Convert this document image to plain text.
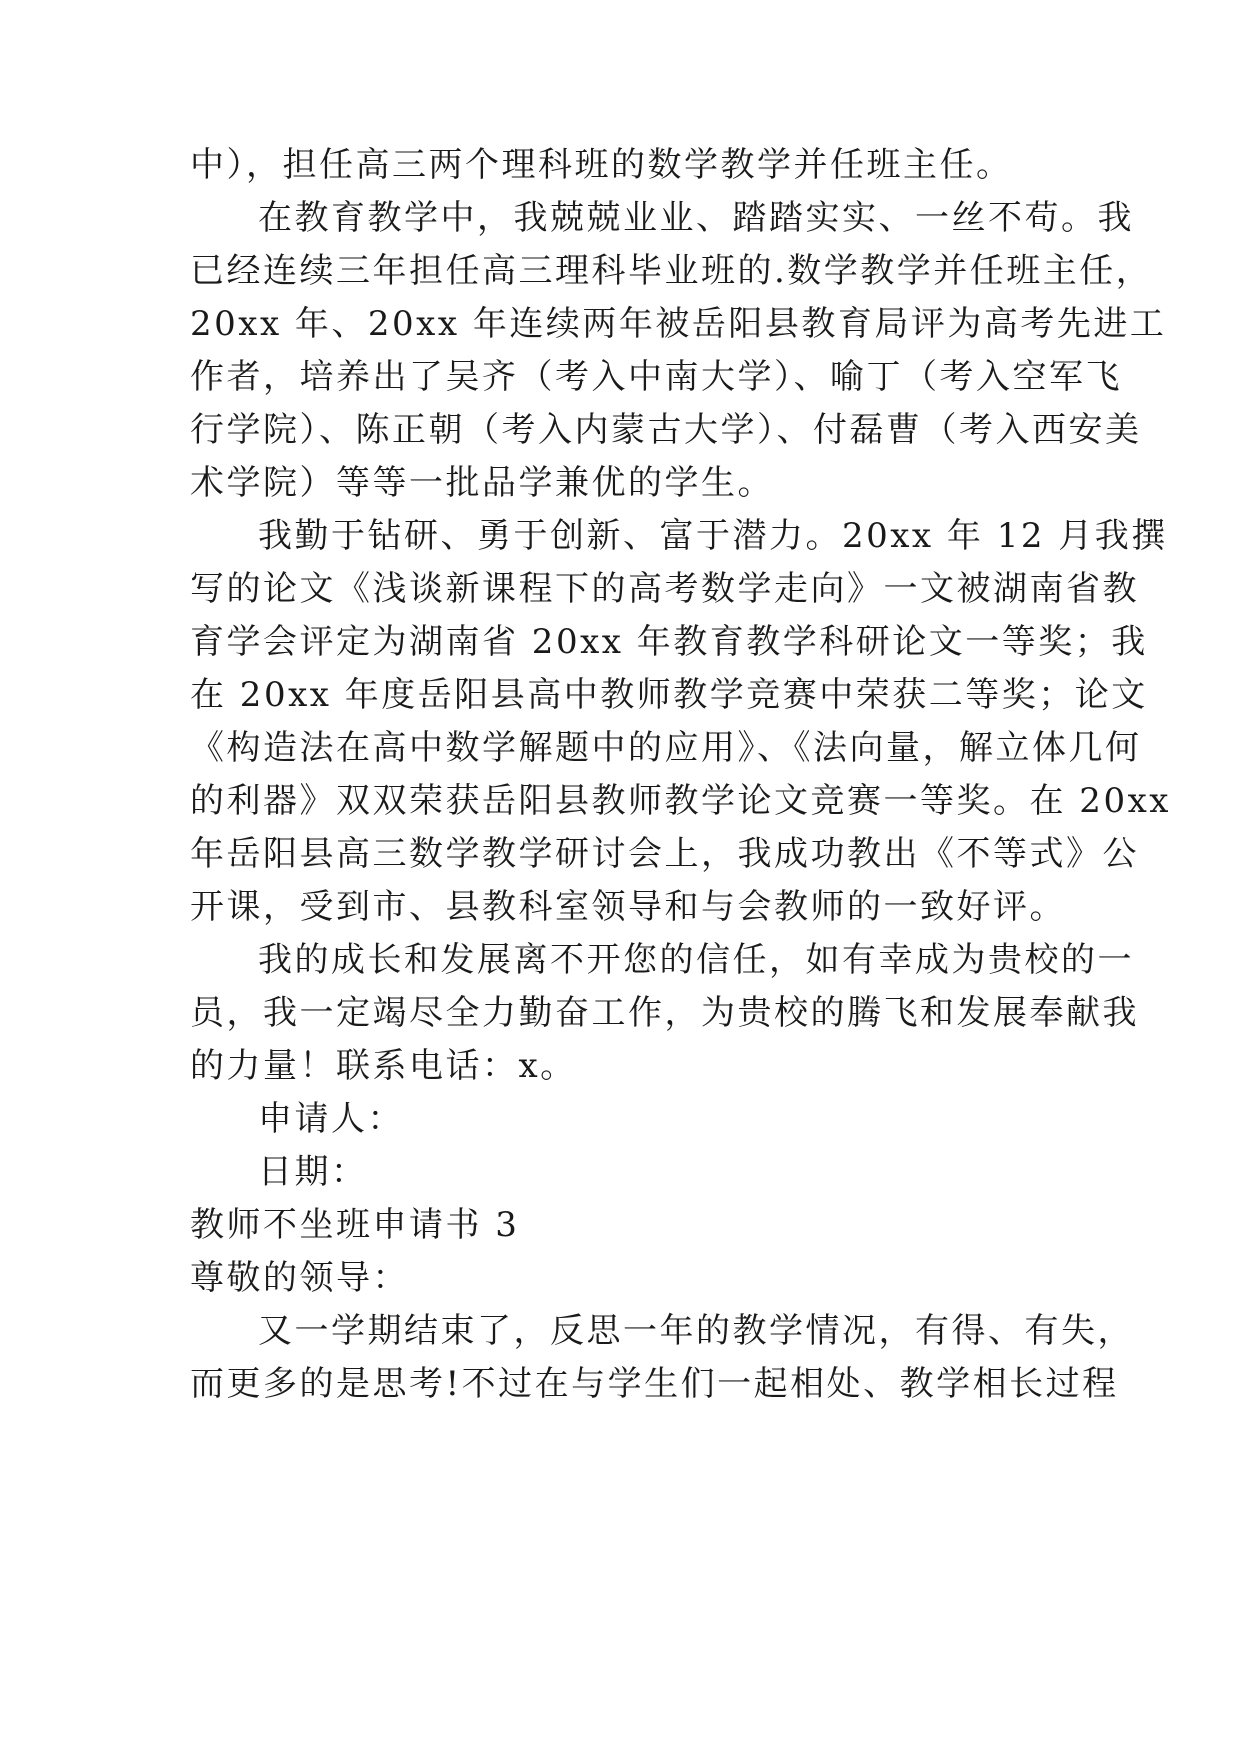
中），担任高三两个理科班的数学教学并任班主任。
在教育教学中，我兢兢业业、踏踏实实、一丝不苟。我
已经连续三年担任高三理科毕业班的.数学教学并任班主任，
20xx 年、20xx 年连续两年被岳阳县教育局评为高考先进工
作者，培养出了吴齐（考入中南大学）、喻丁（考入空军飞
行学院）、陈正朝（考入内蒙古大学）、付磊曹（考入西安美
术学院）等等一批品学兼优的学生。
我勤于钻研、勇于创新、富于潜力。20xx 年 12 月我撰
写的论文《浅谈新课程下的高考数学走向》一文被湖南省教
育学会评定为湖南省 20xx 年教育教学科研论文一等奖；我
在 20xx 年度岳阳县高中教师教学竞赛中荣获二等奖；论文
《构造法在高中数学解题中的应用》、《法向量，解立体几何
的利器》双双荣获岳阳县教师教学论文竞赛一等奖。在 20xx
年岳阳县高三数学教学研讨会上，我成功教出《不等式》公
开课，受到市、县教科室领导和与会教师的一致好评。
我的成长和发展离不开您的信任，如有幸成为贵校的一
员，我一定竭尽全力勤奋工作，为贵校的腾飞和发展奉献我
的力量！联系电话：x。
申请人：
日期：
教师不坐班申请书 3
尊敬的领导：
又一学期结束了，反思一年的教学情况，有得、有失，
而更多的是思考!不过在与学生们一起相处、教学相长过程
